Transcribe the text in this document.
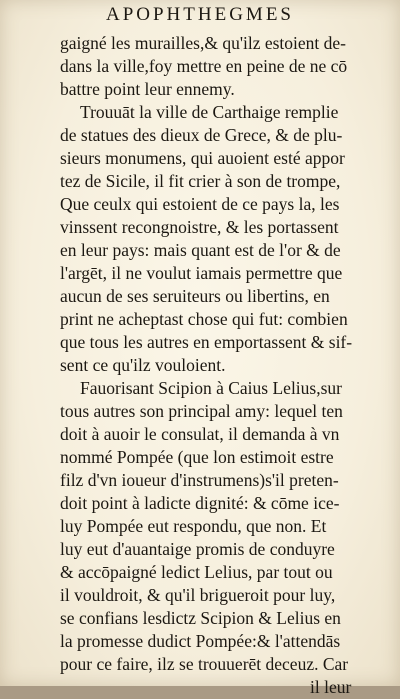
APOPHTHEGMES
gaigné les murailles,& qu'ilz estoient de-
dans la ville,foy mettre en peine de ne cō
battre point leur ennemy.
Trouuāt la ville de Carthaige remplie
de statues des dieux de Grece, & de plu-
sieurs monumens, qui auoient esté appor
tez de Sicile, il fit crier à son de trompe,
Que ceulx qui estoient de ce pays la, les
vinssent recongnoistre, & les portassent
en leur pays: mais quant est de l'or & de
l'argēt, il ne voulut iamais permettre que
aucun de ses seruiteurs ou libertins, en
print ne acheptast chose qui fut: combien
que tous les autres en emportassent & sif-
sent ce qu'ilz vouloient.
Fauorisant Scipion à Caius Lelius,sur
tous autres son principal amy: lequel ten
doit à auoir le consulat, il demanda à vn
nommé Pompée (que lon estimoit estre
filz d'vn ioueur d'instrumens)s'il preten-
doit point à ladicte dignité: & cōme ice-
luy Pompée eut respondu, que non. Et
luy eut d'auantaige promis de conduyre
& accōpaigné ledict Lelius, par tout ou
il vouldroit, & qu'il brigueroit pour luy,
se confians lesdictz Scipion & Lelius en
la promesse dudict Pompée:& l'attendās
pour ce faire, ilz se trouuerēt deceuz. Car
il leur
